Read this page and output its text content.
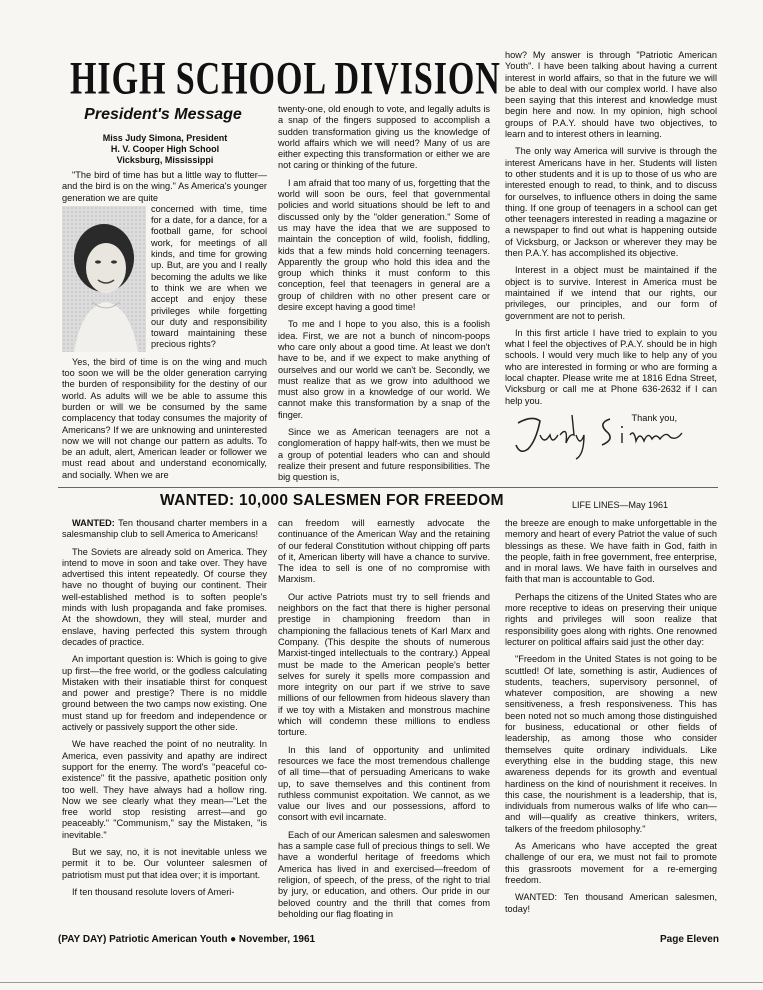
HIGH SCHOOL DIVISION
President's Message
Miss Judy Simona, President
H. V. Cooper High School
Vicksburg, Mississippi

"The bird of time has but a little way to flutter—and the bird is on the wing." As America's younger generation we are quite

concerned with time, time for a date, for a dance, for a football game, for school work, for meetings of all kinds, and time for growing up. But, are you and I really becoming the adults we like to think we are when we accept and enjoy these privileges while forgetting our duty and responsibility toward maintaining these precious rights?

Yes, the bird of time is on the wing and much too soon we will be the older generation carrying the burden of responsibility for the destiny of our world. As adults will we be able to assume this burden or will we be consumed by the same complacency that today consumes the majority of Americans? If we are unknowing and uninterested now we will not change our pattern as adults. To be an adult, alert, American leader or follower we must read about and understand economically, and socially. When we are

twenty-one, old enough to vote, and legally adults is a snap of the fingers supposed to accomplish a sudden transformation giving us the knowledge of world affairs which we will need? Many of us are either expecting this transformation or either we are not caring or thinking of the future.

I am afraid that too many of us, forgetting that the world will soon be ours, feel that governmental policies and world situations should be left to and discussed only by the "older generation." Some of us may have the idea that we are supposed to maintain the conception of wild, foolish, fiddling, kids that a few minds hold concerning teenagers. Apparently the group who hold this idea and the group which thinks it must conform to this conception, feel that teenagers in general are a group of children with no other present care or desire except having a good time!

To me and I hope to you also, this is a foolish idea. First, we are not a bunch of nincom-poops who care only about a good time. At least we don't have to be, and if we expect to make anything of ourselves and our world we can't be. Secondly, we must realize that as we grow into adulthood we must also grow in a knowledge of our world. We cannot make this transformation by a snap of the finger.

Since we as American teenagers are not a conglomeration of happy half-wits, then we must be a group of potential leaders who can and should realize their present and future responsibilities. The big question is,

how? My answer is through "Patriotic American Youth". I have been talking about having a current interest in world affairs, so that in the future we will be able to deal with our complex world. I have also been saying that this interest and knowledge must begin here and now. In my opinion, high school groups of P.A.Y. should have two objectives, to learn and to interest others in learning.

The only way America will survive is through the interest Americans have in her. Students will listen to other students and it is up to those of us who are interested enough to read, to think, and to discuss for ourselves, to influence others in doing the same thing. If one group of teenagers in a school can get other teenagers interested in reading a magazine or a newspaper to find out what is happening outside of Vicksburg, or Jackson or wherever they may be then P.A.Y. has accomplished its objective.

Interest in a object must be maintained if the object is to survive. Interest in America must be maintained if we intend that our rights, our privileges, our principles, and our form of government are not to perish.

In this first article I have tried to explain to you what I feel the objectives of P.A.Y. should be in high schools. I would very much like to help any of you who are interested in forming or who are forming a local chapter. Please write me at 1816 Edna Street, Vicksburg or call me at Phone 636-2632 if I can help you.

Thank you,

WANTED: 10,000 SALESMEN FOR FREEDOM	LIFE LINES—May 1961

WANTED: Ten thousand charter members in a salesmanship club to sell America to Americans!

The Soviets are already sold on America. They intend to move in soon and take over. They have advertised this intent repeatedly. Of course they have no thought of buying our continent. Their well-established method is to soften people's minds with lush propaganda and fake promises. At the showdown, they will steal, murder and enslave, having perfected this system through decades of practice.

An important question is: Which is going to give up first—the free world, or the godless calculating Mistaken with their insatiable thirst for conquest and power and prestige? There is no middle ground between the two camps now existing. One must stand up for freedom and independence or actively or passively support the other side.

We have reached the point of no neutrality. In America, even passivity and apathy are indirect support for the enemy. The word's "peaceful co-existence" fit the passive, apathetic position only too well. They have always had a hollow ring. Now we see clearly what they mean—"Let the free world stop resisting arrest—and go peaceably." "Communism," say the Mistaken, "is inevitable."

But we say, no, it is not inevitable unless we permit it to be. Our volunteer salesmen of patriotism must put that idea over; it is important.

If ten thousand resolute lovers of Ameri-

can freedom will earnestly advocate the continuance of the American Way and the retaining of our federal Constitution without chipping off parts of it, American liberty will have a chance to survive. The idea to sell is one of no compromise with Marxism.

Our active Patriots must try to sell friends and neighbors on the fact that there is higher personal prestige in championing freedom than in championing the fallacious tenets of Karl Marx and Company. (This despite the shouts of numerous Marxist-tinged intellectuals to the contrary.) Appeal must be made to the American people's better selves for surely it spells more compassion and more integrity on our part if we strive to save millions of our fellowmen from hideous slavery than if we toy with a Mistaken and monstrous machine which will condemn these millions to endless torture.

In this land of opportunity and unlimited resources we face the most tremendous challenge of all time—that of persuading Americans to wake up, to save themselves and this continent from ruthless communist expoitation. We cannot, as we value our lives and our possessions, afford to consort with evil incarnate.

Each of our American salesmen and saleswomen has a sample case full of precious things to sell. We have a wonderful heritage of freedoms which America has lived in and exercised—freedom of religion, of speech, of the press, of the right to trial by jury, or education, and others. Our pride in our beloved country and the thrill that comes from beholding our flag floating in

the breeze are enough to make unforgettable in the memory and heart of every Patriot the value of such blessings as these. We have faith in God, faith in the people, faith in free government, free enterprise, and in moral laws. We have faith in ourselves and faith that man is accountable to God.

Perhaps the citizens of the United States who are more receptive to ideas on preserving their unique rights and privileges will soon realize that responsibility goes along with rights. One renowned lecturer on political affairs said just the other day:

"Freedom in the United States is not going to be scuttled! Of late, something is astir, Audiences of students, teachers, supervisory personnel, of whatever composition, are showing a new sensitiveness, a fresh responsiveness. This has been noted not so much among those distinguished for business, educational or other fields of leadership, as among those who consider themselves quite ordinary individuals. Like everything else in the budding stage, this new awareness depends for its growth and eventual hardiness on the kind of nourishment it receives. In this case, the nourishment is a leadership, that is, individuals from numerous walks of life who can—and will—qualify as creative thinkers, writers, talkers of the freedom philosophy."

As Americans who have accepted the great challenge of our era, we must not fail to promote this grassroots movement for a re-emerging freedom.

WANTED: Ten thousand American salesmen, today!

(PAY DAY) Patriotic American Youth ● November, 1961	Page Eleven
